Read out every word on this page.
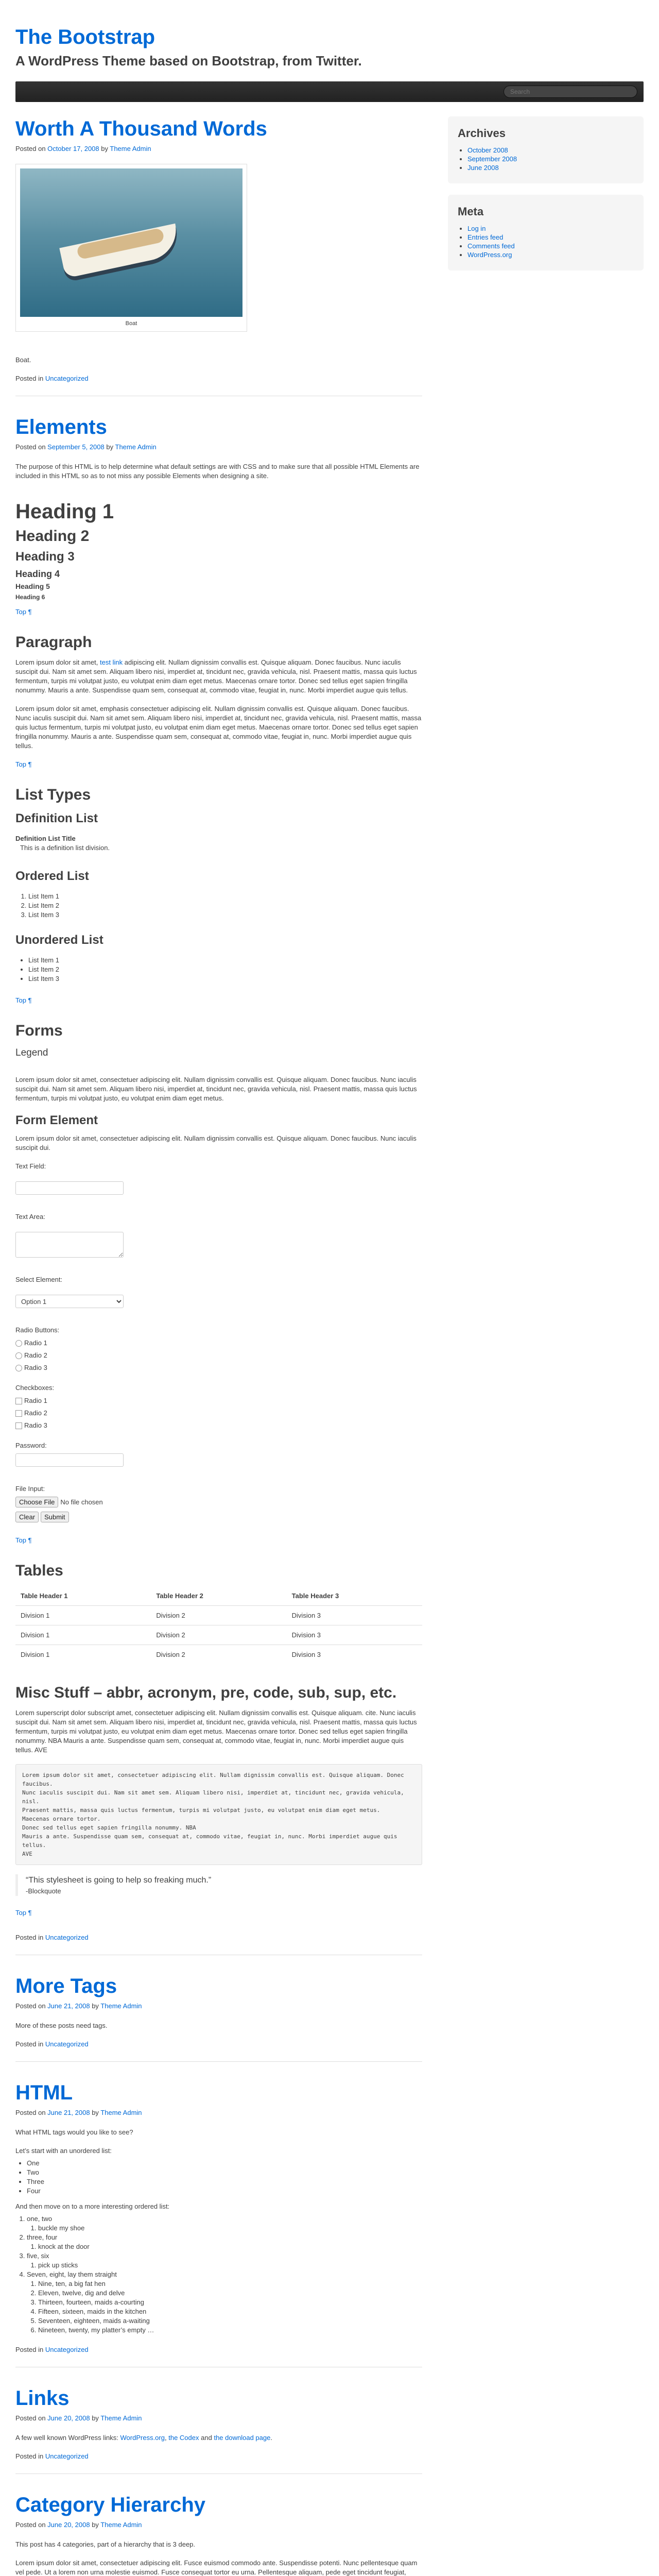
The Bootstrap
A WordPress Theme based on Bootstrap, from Twitter.
Search
Worth A Thousand Words
Posted on October 17, 2008 by Theme Admin
Boat

Boat.

Posted in Uncategorized
Elements
Posted on September 5, 2008 by Theme Admin

The purpose of this HTML is to help determine what default settings are with CSS and to make sure that all possible HTML Elements are included in this HTML so as to not miss any possible Elements when designing a site.

Heading 1
Heading 2
Heading 3
Heading 4
Heading 5
Heading 6
Top ¶
Paragraph

Lorem ipsum dolor sit amet, test link adipiscing elit. Nullam dignissim convallis est. Quisque aliquam. Donec faucibus. Nunc iaculis suscipit dui. Nam sit amet sem. Aliquam libero nisi, imperdiet at, tincidunt nec, gravida vehicula, nisl. Praesent mattis, massa quis luctus fermentum, turpis mi volutpat justo, eu volutpat enim diam eget metus. Maecenas ornare tortor. Donec sed tellus eget sapien fringilla nonummy. Mauris a ante. Suspendisse quam sem, consequat at, commodo vitae, feugiat in, nunc. Morbi imperdiet augue quis tellus.

Lorem ipsum dolor sit amet, emphasis consectetuer adipiscing elit. Nullam dignissim convallis est. Quisque aliquam. Donec faucibus. Nunc iaculis suscipit dui. Nam sit amet sem. Aliquam libero nisi, imperdiet at, tincidunt nec, gravida vehicula, nisl. Praesent mattis, massa quis luctus fermentum, turpis mi volutpat justo, eu volutpat enim diam eget metus. Maecenas ornare tortor. Donec sed tellus eget sapien fringilla nonummy. Mauris a ante. Suspendisse quam sem, consequat at, commodo vitae, feugiat in, nunc. Morbi imperdiet augue quis tellus.

Top ¶
List Types
Definition List
Definition List Title
This is a definition list division.
Ordered List
1. List Item 1
2. List Item 2
3. List Item 3
Unordered List
• List Item 1
• List Item 2
• List Item 3
Top ¶
Forms
Legend

Lorem ipsum dolor sit amet, consectetuer adipiscing elit. Nullam dignissim convallis est. Quisque aliquam. Donec faucibus. Nunc iaculis suscipit dui. Nam sit amet sem. Aliquam libero nisi, imperdiet at, tincidunt nec, gravida vehicula, nisl. Praesent mattis, massa quis luctus fermentum, turpis mi volutpat justo, eu volutpat enim diam eget metus.

Form Element

Lorem ipsum dolor sit amet, consectetuer adipiscing elit. Nullam dignissim convallis est. Quisque aliquam. Donec faucibus. Nunc iaculis suscipit dui.

Text Field:
Text Area:
Select Element:
Option 1
Radio Buttons:
Radio 1
Radio 2
Radio 3
Checkboxes:
Radio 1
Radio 2
Radio 3
Password:
File Input:
Choose File No file chosen
Clear	Submit
Top ¶
Tables
Table Header 1	Table Header 2	Table Header 3
Division 1	Division 2	Division 3
Division 1	Division 2	Division 3
Division 1	Division 2	Division 3
Misc Stuff – abbr, acronym, pre, code, sub, sup, etc.

Lorem superscript dolor subscript amet, consectetuer adipiscing elit. Nullam dignissim convallis est. Quisque aliquam. cite. Nunc iaculis suscipit dui. Nam sit amet sem. Aliquam libero nisi, imperdiet at, tincidunt nec, gravida vehicula, nisl. Praesent mattis, massa quis luctus fermentum, turpis mi volutpat justo, eu volutpat enim diam eget metus. Maecenas ornare tortor. Donec sed tellus eget sapien fringilla nonummy. NBA Mauris a ante. Suspendisse quam sem, consequat at, commodo vitae, feugiat in, nunc. Morbi imperdiet augue quis tellus. AVE

Lorem ipsum dolor sit amet, consectetuer adipiscing elit. Nullam dignissim convallis est. Quisque aliquam. Donec faucibus.
Nunc iaculis suscipit dui. Nam sit amet sem. Aliquam libero nisi, imperdiet at, tincidunt nec, gravida vehicula, nisl.
Praesent mattis, massa quis luctus fermentum, turpis mi volutpat justo, eu volutpat enim diam eget metus.
Maecenas ornare tortor.
Donec sed tellus eget sapien fringilla nonummy. NBA
Mauris a ante. Suspendisse quam sem, consequat at, commodo vitae, feugiat in, nunc. Morbi imperdiet augue quis tellus.
AVE

“This stylesheet is going to help so freaking much.”

-Blockquote
Top ¶
Posted in Uncategorized
More Tags
Posted on June 21, 2008 by Theme Admin

More of these posts need tags.

Posted in Uncategorized
HTML
Posted on June 21, 2008 by Theme Admin

What HTML tags would you like to see?

Let’s start with an unordered list:

• One
• Two
• Three
• Four

And then move on to a more interesting ordered list:

1. one, two
1. buckle my shoe
2. three, four
1. knock at the door
3. five, six
1. pick up sticks
4. Seven, eight, lay them straight
1. Nine, ten, a big fat hen
2. Eleven, twelve, dig and delve
3. Thirteen, fourteen, maids a-courting
4. Fifteen, sixteen, maids in the kitchen
5. Seventeen, eighteen, maids a-waiting
6. Nineteen, twenty, my platter’s empty …
Posted in Uncategorized
Links
Posted on June 20, 2008 by Theme Admin

A few well known WordPress links: WordPress.org, the Codex and the download page.

Posted in Uncategorized
Category Hierarchy
Posted on June 20, 2008 by Theme Admin

This post has 4 categories, part of a hierarchy that is 3 deep.

Lorem ipsum dolor sit amet, consectetuer adipiscing elit. Fusce euismod commodo ante. Suspendisse potenti. Nunc pellentesque quam vel pede. Ut a lorem non urna molestie euismod. Fusce consequat tortor eu urna. Pellentesque aliquam, pede eget tincidunt feugiat,

Archives
• October 2008
• September 2008
• June 2008
Meta
• Log in
• Entries feed
• Comments feed
• WordPress.org
